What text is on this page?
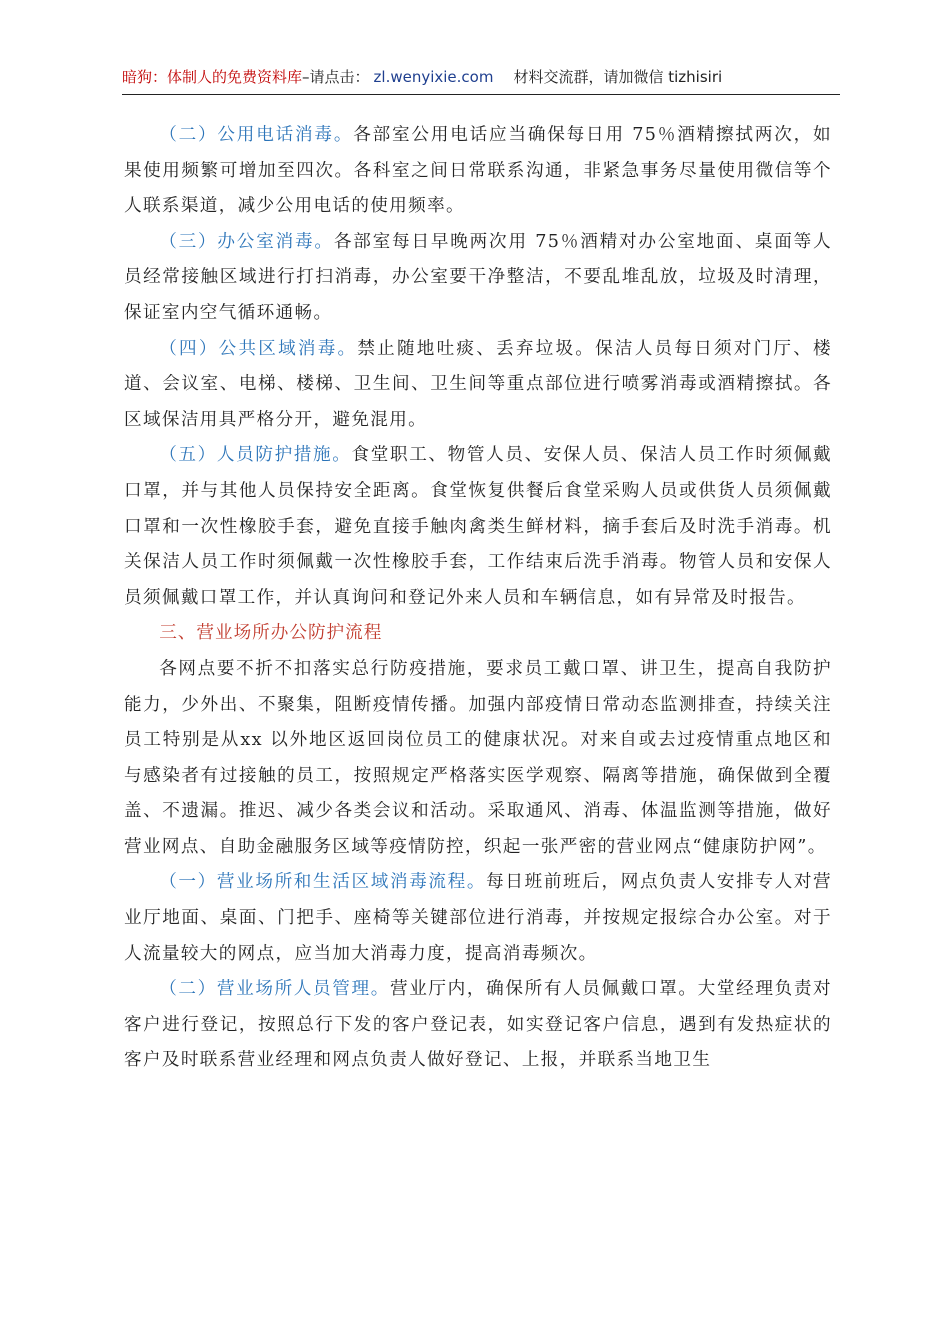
暗狗：体制人的免费资料库–请点击： zl.wenyixie.com 材料交流群，请加微信 tizhisiri

（二）公用电话消毒。各部室公用电话应当确保每日用 75％酒精擦拭两次，如果使用频繁可增加至四次。各科室之间日常联系沟通，非紧急事务尽量使用微信等个人联系渠道，减少公用电话的使用频率。

（三）办公室消毒。各部室每日早晚两次用 75％酒精对办公室地面、桌面等人员经常接触区域进行打扫消毒，办公室要干净整洁，不要乱堆乱放，垃圾及时清理，保证室内空气循环通畅。

（四）公共区域消毒。禁止随地吐痰、丢弃垃圾。保洁人员每日须对门厅、楼道、会议室、电梯、楼梯、卫生间、卫生间等重点部位进行喷雾消毒或酒精擦拭。各区域保洁用具严格分开，避免混用。

（五）人员防护措施。食堂职工、物管人员、安保人员、保洁人员工作时须佩戴口罩，并与其他人员保持安全距离。食堂恢复供餐后食堂采购人员或供货人员须佩戴口罩和一次性橡胶手套，避免直接手触肉禽类生鲜材料，摘手套后及时洗手消毒。机关保洁人员工作时须佩戴一次性橡胶手套，工作结束后洗手消毒。物管人员和安保人员须佩戴口罩工作，并认真询问和登记外来人员和车辆信息，如有异常及时报告。

三、营业场所办公防护流程

各网点要不折不扣落实总行防疫措施，要求员工戴口罩、讲卫生，提高自我防护能力，少外出、不聚集，阻断疫情传播。加强内部疫情日常动态监测排查，持续关注员工特别是从xx 以外地区返回岗位员工的健康状况。对来自或去过疫情重点地区和与感染者有过接触的员工，按照规定严格落实医学观察、隔离等措施，确保做到全覆盖、不遗漏。推迟、减少各类会议和活动。采取通风、消毒、体温监测等措施，做好营业网点、自助金融服务区域等疫情防控，织起一张严密的营业网点“健康防护网”。

（一）营业场所和生活区域消毒流程。每日班前班后，网点负责人安排专人对营业厅地面、桌面、门把手、座椅等关键部位进行消毒，并按规定报综合办公室。对于人流量较大的网点，应当加大消毒力度，提高消毒频次。

（二）营业场所人员管理。营业厅内，确保所有人员佩戴口罩。大堂经理负责对客户进行登记，按照总行下发的客户登记表，如实登记客户信息，遇到有发热症状的客户及时联系营业经理和网点负责人做好登记、上报，并联系当地卫生
